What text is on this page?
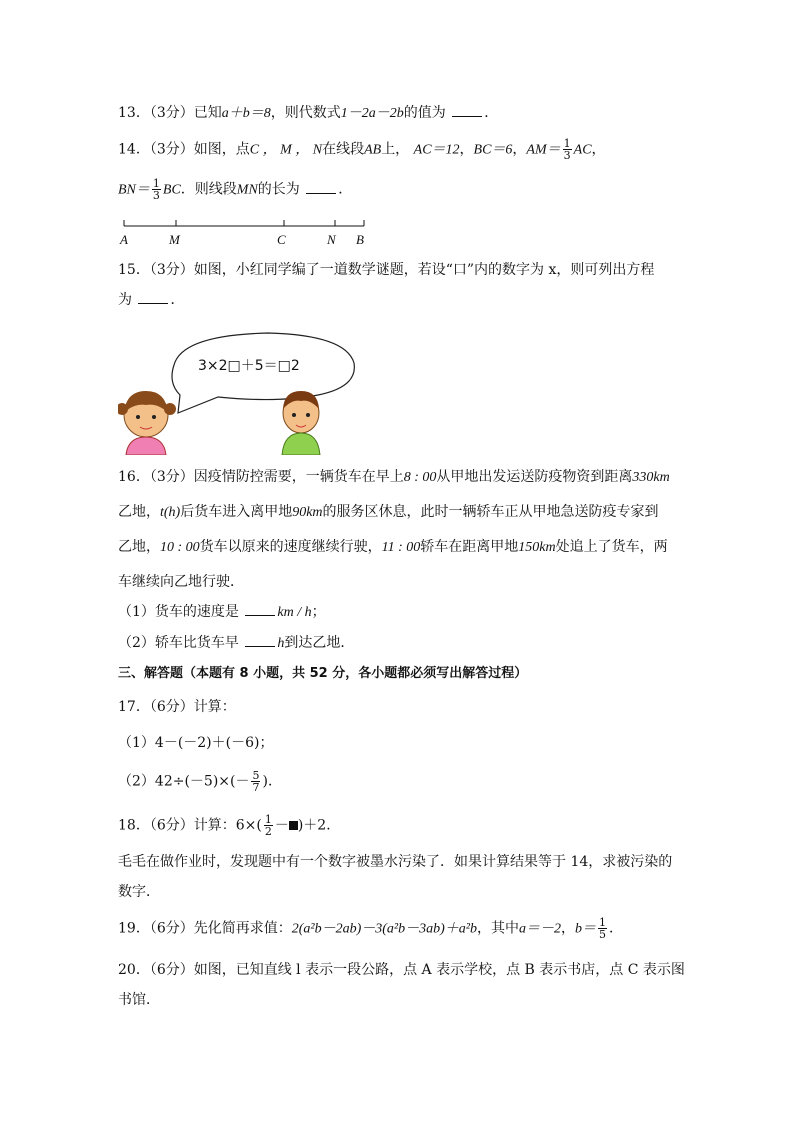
13．（3分）已知a＋b＝8，则代数式1－2a－2b的值为	．
14．（3分）如图，点C ， M ， N在线段AB上， AC＝12，BC＝6，$AM= \frac{1}{3}$ AC，
$BN= \frac{1}{3}$ BC．则线段MN的长为	．
A	M	C	N B
15．（3分）如图，小红同学编了一道数学谜题，若设“口”内的数字为 x，则可列出方程
为	．
3×2□＋5＝□2
16．（3分）因疫情防控需要，一辆货车在早上8 : 00从甲地出发运送防疫物资到距离330km
乙地，t(h)后货车进入离甲地90km的服务区休息，此时一辆轿车正从甲地急送防疫专家到
乙地，10 : 00货车以原来的速度继续行驶，11 : 00轿车在距离甲地150km处追上了货车，两
车继续向乙地行驶．
（1）货车的速度是	km / h；
（2）轿车比货车早	h到达乙地．
三、解答题（本题有 8 小题，共 52 分，各小题都必须写出解答过程）
17．（6分）计算：
（1）4－(－2)＋(－6)；
$(2)42\div(-5)\times(- \frac{5}{7}$ )．
18．（6分）计算：$6\times( \frac{1}{2} - )+2$．
毛毛在做作业时，发现题中有一个数字被墨水污染了．如果计算结果等于 14，求被污染的
数字．
19．（6分）先化简再求值：2(a²b－2ab)－3(a²b－3ab)＋a²b，其中a＝－2，$b= \frac{1}{5}$ ．
20．（6分）如图，已知直线 l 表示一段公路，点 A 表示学校，点 B 表示书店，点 C 表示图
书馆．
